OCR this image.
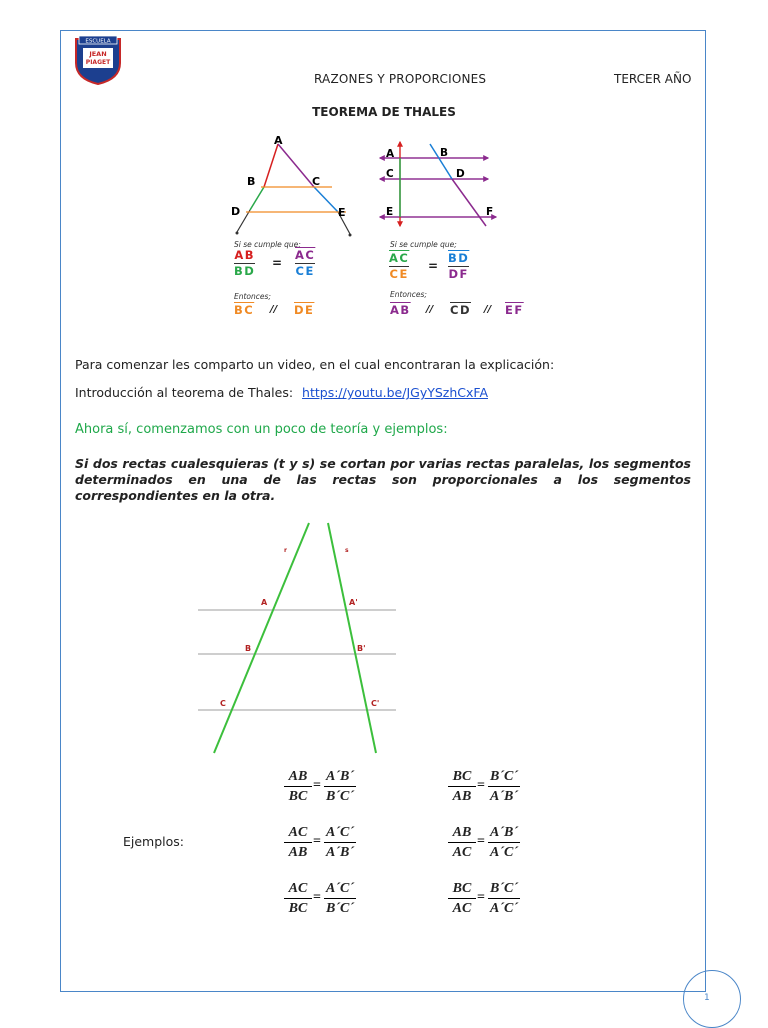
ESCUELA
JEAN
PIAGET
RAZONES Y PROPORCIONES	TERCER AÑO
TEOREMA DE THALES
A
B	C
D	E
Si se cumple que;
AB
BD
=
$\overline{AC}$
CE
Entonces;
$\overline{BC} // \overline{DE}$
A	B
C	D
E	F
Si se cumple que;
$\overline{AC}$
CE
=
$\overline{BD}$
DF
Entonces;
$\overline{AB} // \overline{CD} // \overline{EF}$
Para comenzar les comparto un video, en el cual encontraran la explicación:
Introducción al teorema de Thales: https://youtu.be/JGyYSzhCxFA
Ahora sí, comenzamos con un poco de teoría y ejemplos:
Si dos rectas cualesquieras (t y s) se cortan por varias rectas paralelas, los segmentos determinados en una de las rectas son proporcionales a los segmentos correspondientes en la otra.
r	s
A
B
C
A'
B'
C'
Ejemplos:
AB
BC
=
A´B´
B´C´
BC
AB
=
B´C´
A´B´
AC
AB
=
A´C´
A´B´
AB
AC
=
A´B´
A´C´
AC
BC
=
A´C´
B´C´
BC
AC
=
B´C´
A´C´
1
